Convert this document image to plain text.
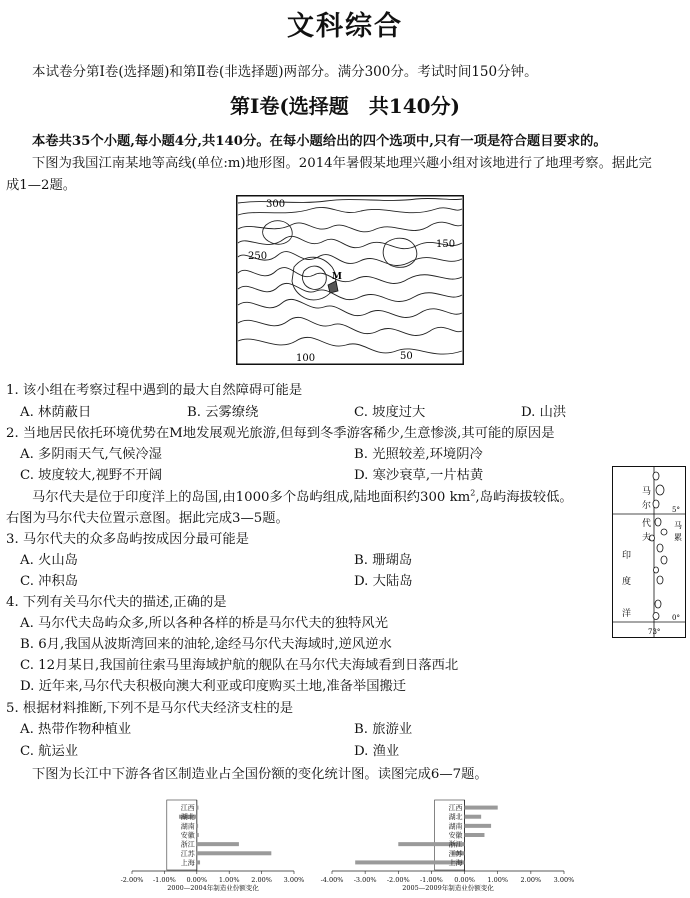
文科综合
本试卷分第Ⅰ卷(选择题)和第Ⅱ卷(非选择题)两部分。满分300分。考试时间150分钟。
第Ⅰ卷(选择题　共140分)
本卷共35个小题,每小题4分,共140分。在每小题给出的四个选项中,只有一项是符合题目要求的。
下图为我国江南某地等高线(单位:m)地形图。2014年暑假某地理兴趣小组对该地进行了地理考察。据此完
成1—2题。
300
250
150
100	50
M
1. 该小组在考察过程中遇到的最大自然障碍可能是
A. 林荫蔽日	B. 云雾缭绕	C. 坡度过大	D. 山洪
2. 当地居民依托环境优势在M地发展观光旅游,但每到冬季游客稀少,生意惨淡,其可能的原因是
A. 多阴雨天气,气候冷湿	B. 光照较差,环境阴冷
C. 坡度较大,视野不开阔	D. 寒沙衰草,一片枯黄
马尔代夫是位于印度洋上的岛国,由1000多个岛屿组成,陆地面积约300 $km^2$,岛屿海拔较低。
右图为马尔代夫位置示意图。据此完成3—5题。
马
尔
代
夫
印
度
洋
马
累
5°
0°
73°
3. 马尔代夫的众多岛屿按成因分最可能是
A. 火山岛	B. 珊瑚岛
C. 冲积岛	D. 大陆岛
4. 下列有关马尔代夫的描述,正确的是
A. 马尔代夫岛屿众多,所以各种各样的桥是马尔代夫的独特风光
B. 6月,我国从波斯湾回来的油轮,途经马尔代夫海域时,逆风逆水
C. 12月某日,我国前往索马里海域护航的舰队在马尔代夫海域看到日落西北
D. 近年来,马尔代夫积极向澳大利亚或印度购买土地,准备举国搬迁
5. 根据材料推断,下列不是马尔代夫经济支柱的是
A. 热带作物种植业	B. 旅游业
C. 航运业	D. 渔业
下图为长江中下游各省区制造业占全国份额的变化统计图。读图完成6—7题。
江西
湖北
湖南
安徽
浙江
江苏
上海
-2.00% -1.00% 0.00% 1.00% 2.00% 3.00%
2000—2004年制造业份额变化
江西
湖北
湖南
安徽
浙江
江苏
上海
-4.00% -3.00% -2.00% -1.00% 0.00% 1.00% 2.00% 3.00%
2005—2009年制造业份额变化
